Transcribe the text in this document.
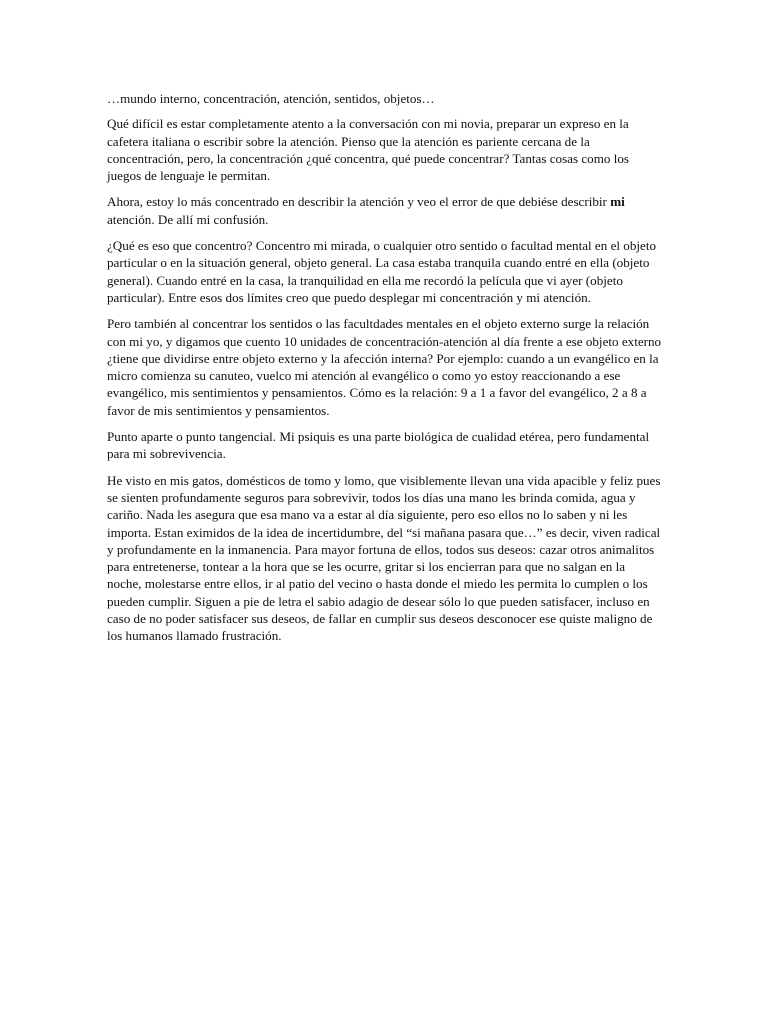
…mundo interno, concentración, atención, sentidos, objetos…

Qué difícil es estar completamente atento a la conversación con mi novia, preparar un expreso en la cafetera italiana o escribir sobre la atención. Pienso que la atención es pariente cercana de la concentración, pero, la concentración ¿qué concentra, qué puede concentrar? Tantas cosas como los juegos de lenguaje le permitan.

Ahora, estoy lo más concentrado en describir la atención y veo el error de que debiése describir mi atención. De allí mi confusión.

¿Qué es eso que concentro? Concentro mi mirada, o cualquier otro sentido o facultad mental en el objeto particular o en la situación general, objeto general. La casa estaba tranquila cuando entré en ella (objeto general). Cuando entré en la casa, la tranquilidad en ella me recordó la película que vi ayer (objeto particular). Entre esos dos límites creo que puedo desplegar mi concentración y mi atención.

Pero también al concentrar los sentidos o las facultdades mentales en el objeto externo surge la relación con mi yo, y digamos que cuento 10 unidades de concentración-atención al día frente a ese objeto externo ¿tiene que dividirse entre objeto externo y la afección interna? Por ejemplo: cuando a un evangélico en la micro comienza su canuteo, vuelco mi atención al evangélico o como yo estoy reaccionando a ese evangélico, mis sentimientos y pensamientos. Cómo es la relación: 9 a 1 a favor del evangélico, 2 a 8 a favor de mis sentimientos y pensamientos.

Punto aparte o punto tangencial. Mi psiquis es una parte biológica de cualidad etérea, pero fundamental para mi sobrevivencia.

He visto en mis gatos, domésticos de tomo y lomo, que visiblemente llevan una vida apacible y feliz pues se sienten profundamente seguros para sobrevivir, todos los días una mano les brinda comida, agua y cariño. Nada les asegura que esa mano va a estar al día siguiente, pero eso ellos no lo saben y ni les importa. Estan eximidos de la idea de incertidumbre, del “si mañana pasara que…” es decir, viven radical y profundamente en la inmanencia. Para mayor fortuna de ellos, todos sus deseos: cazar otros animalitos para entretenerse, tontear a la hora que se les ocurre, gritar si los encierran para que no salgan en la noche, molestarse entre ellos, ir al patio del vecino o hasta donde el miedo les permita lo cumplen o los pueden cumplir. Siguen a pie de letra el sabio adagio de desear sólo lo que pueden satisfacer, incluso en caso de no poder satisfacer sus deseos, de fallar en cumplir sus deseos desconocer ese quiste maligno de los humanos llamado frustración.
